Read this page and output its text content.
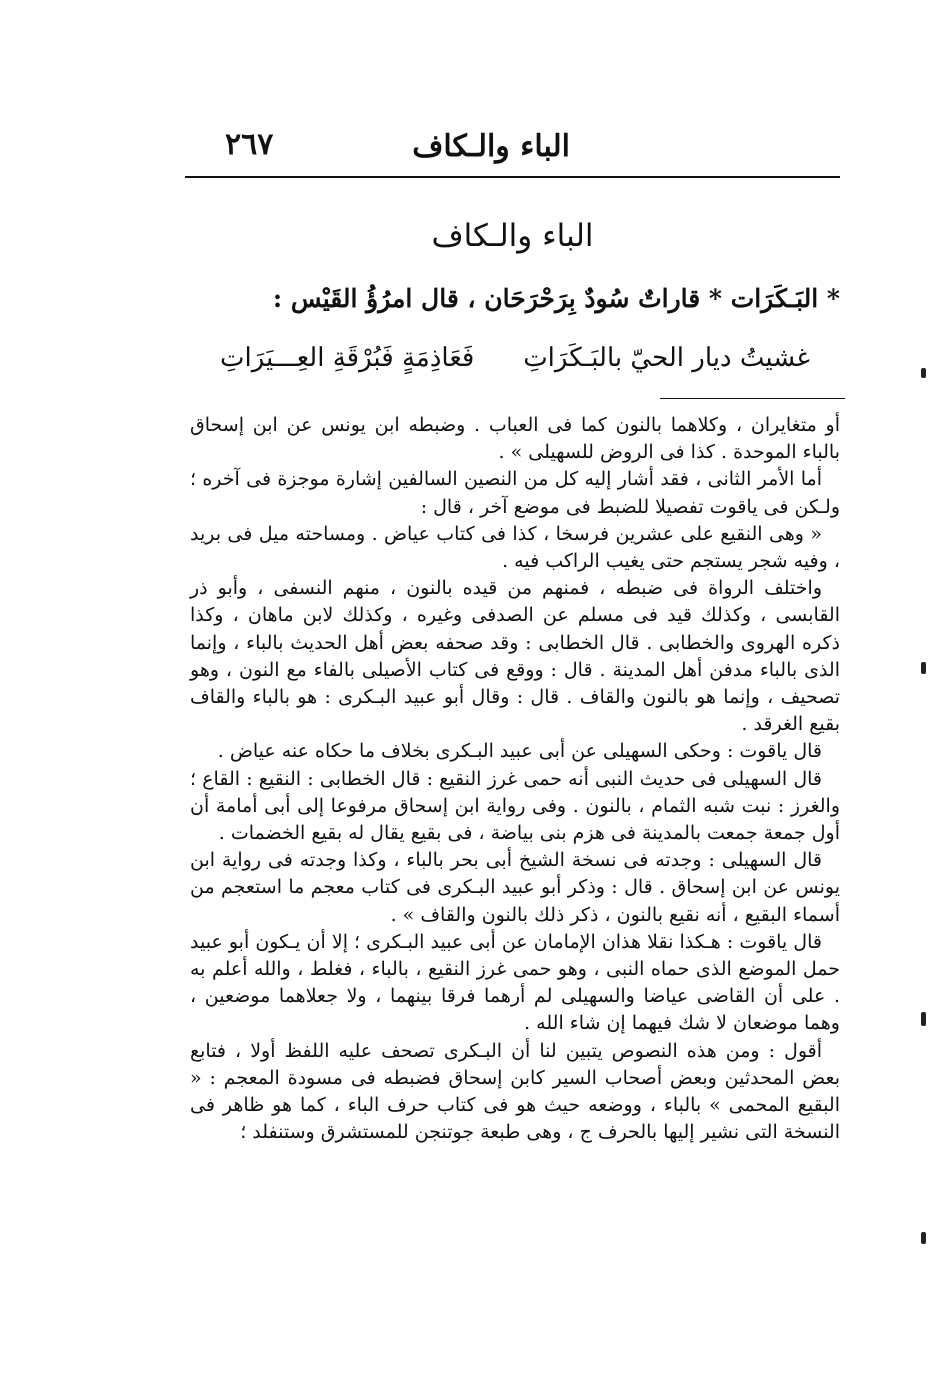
الباء والـكاف
٢٦٧
الباء والـكاف
* البَـكَرَات * قاراتٌ سُودٌ بِرَحْرَحَان ، قال امرُؤُ القَيْس :
غشيتُ ديار الحيّ بالبَـكَرَاتِ
فَعَاذِمَةٍ فَبُرْقَةِ العِـــيَرَاتِ

أو متغايران ، وكلاهما بالنون كما فى العباب . وضبطه ابن يونس عن ابن إسحاق بالباء الموحدة . كذا فى الروض للسهيلى » .

أما الأمر الثانى ، فقد أشار إليه كل من النصين السالفين إشارة موجزة فى آخره ؛ ولـكن فى ياقوت تفصيلا للضبط فى موضع آخر ، قال :

« وهى النقيع على عشرين فرسخا ، كذا فى كتاب عياض . ومساحته ميل فى بريد ، وفيه شجر يستجم حتى يغيب الراكب فيه .

واختلف الرواة فى ضبطه ، فمنهم من قيده بالنون ، منهم النسفى ، وأبو ذر القابسى ، وكذلك قيد فى مسلم عن الصدفى وغيره ، وكذلك لابن ماهان ، وكذا ذكره الهروى والخطابى . قال الخطابى : وقد صحفه بعض أهل الحديث بالباء ، وإنما الذى بالباء مدفن أهل المدينة . قال : ووقع فى كتاب الأصيلى بالفاء مع النون ، وهو تصحيف ، وإنما هو بالنون والقاف . قال : وقال أبو عبيد البـكرى : هو بالباء والقاف بقيع الغرقد .

قال ياقوت : وحكى السهيلى عن أبى عبيد البـكرى بخلاف ما حكاه عنه عياض .

قال السهيلى فى حديث النبى أنه حمى غرز النقيع : قال الخطابى : النقيع : القاع ؛ والغرز : نبت شبه الثمام ، بالنون . وفى رواية ابن إسحاق مرفوعا إلى أبى أمامة أن أول جمعة جمعت بالمدينة فى هزم بنى بياضة ، فى بقيع يقال له بقيع الخضمات .

قال السهيلى : وجدته فى نسخة الشيخ أبى بحر بالباء ، وكذا وجدته فى رواية ابن يونس عن ابن إسحاق . قال : وذكر أبو عبيد البـكرى فى كتاب معجم ما استعجم من أسماء البقيع ، أنه نقيع بالنون ، ذكر ذلك بالنون والقاف » .

قال ياقوت : هـكذا نقلا هذان الإمامان عن أبى عبيد البـكرى ؛ إلا أن يـكون أبو عبيد حمل الموضع الذى حماه النبى ، وهو حمى غرز النقيع ، بالباء ، فغلط ، والله أعلم به . على أن القاضى عياضا والسهيلى لم أرهما فرقا بينهما ، ولا جعلاهما موضعين ، وهما موضعان لا شك فيهما إن شاء الله .

أقول : ومن هذه النصوص يتبين لنا أن البـكرى تصحف عليه اللفظ أولا ، فتابع بعض المحدثين وبعض أصحاب السير كابن إسحاق فضبطه فى مسودة المعجم : « البقيع المحمى » بالباء ، ووضعه حيث هو فى كتاب حرف الباء ، كما هو ظاهر فى النسخة التى نشير إليها بالحرف ج ، وهى طبعة جوتنجن للمستشرق وستنفلد ؛
